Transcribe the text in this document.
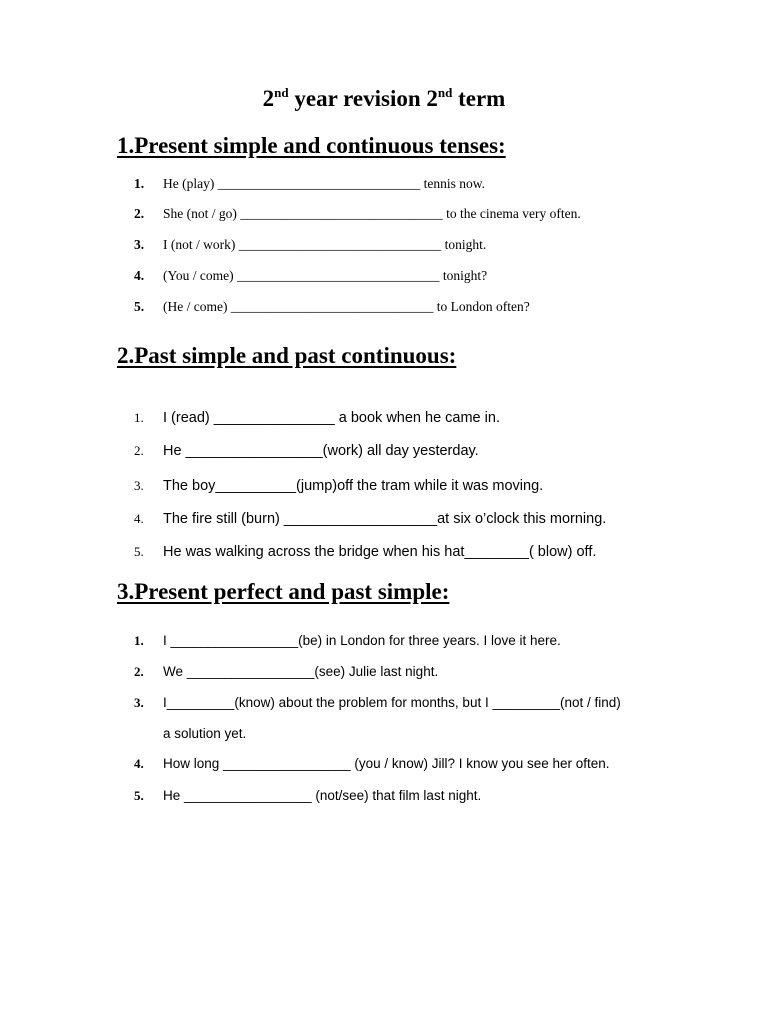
2nd year revision 2nd term
1.Present simple and continuous tenses:
1. He (play) ______________________________ tennis now.
2. She (not / go) ______________________________ to the cinema very often.
3. I (not / work) ______________________________ tonight.
4. (You / come) ______________________________ tonight?
5. (He / come) ______________________________ to London often?
2.Past simple and past continuous:
1. I (read) _______________ a book when he came in.
2. He _________________(work) all day yesterday.
3. The boy__________(jump)off the tram while it was moving.
4. The fire still (burn) ___________________at six o’clock this morning.
5. He was walking across the bridge when his hat________( blow) off.
3.Present perfect and past simple:
1. I _________________(be) in London for three years. I love it here.
2. We _________________(see) Julie last night.
3. I_________(know) about the problem for months, but I _________(not / find)
a solution yet.
4. How long _________________ (you / know) Jill? I know you see her often.
5. He _________________ (not/see) that film last night.
